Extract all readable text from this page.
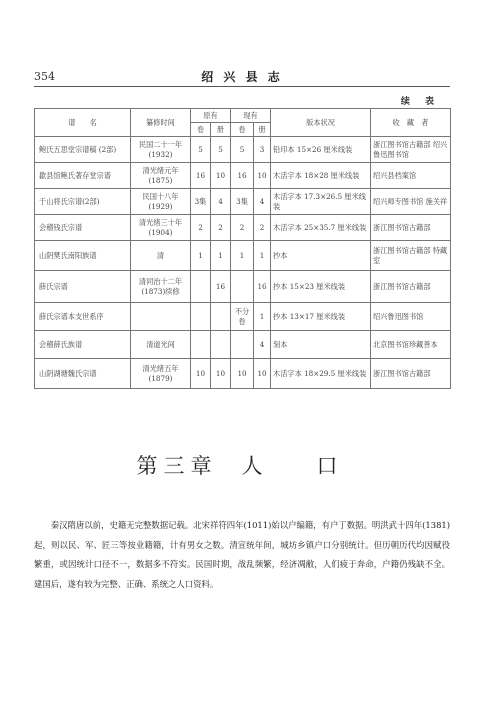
354	绍 兴 县 志
续 表
谱　　名	纂修时间	原有		现有		版本状况	收　藏　者
		卷	册	卷	册		
鲍氏五思堂宗谱稿 (2部)	民国二十一年 (1932)	5	5	5	3	铅印本 15×26 厘米线装	浙江图书馆古籍部 绍兴鲁迅图书馆
歙县馆鲍氏著存堂宗谱	清光绪元年 (1875)	16	10	16	10	木活字本 18×28 厘米线装	绍兴县档案馆
于山将氏宗谱(2部)	民国十八年 (1929)	3集	4	3集	4	木活字本 17.3×26.5 厘米线装	绍兴师专图书馆 施关祥
会稽钱氏宗谱	清光绪三十年 (1904)	2	2	2	2	木活字本 25×35.7 厘米线装	浙江图书馆古籍部
山阴樊氏南阳族谱	清	1	1	1	1	抄本	浙江图书馆古籍部 特藏室
薛氏宗谱	清同治十二年 (1873)续修		16		16	抄本 15×23 厘米线装	浙江图书馆古籍部
薛氏宗谱本支世系序				不分卷	1	抄本 13×17 厘米线装	绍兴鲁迅图书馆
会稽薛氏族谱	清道光间				4	刻本	北京图书馆珍藏善本
山阴湖塘魏氏宗谱	清光绪五年 (1879)	10	10	10	10	木活字本 18×29.5 厘米线装	浙江图书馆古籍部
第三章 人 口

秦汉隋唐以前，史籍无完整数据记载。北宋祥符四年(1011)始以户编籍，有户丁数据。明洪武十四年(1381)起，则以民、军、匠三等按业籍籍，计有男女之数。清宣统年间，城坊乡镇户口分别统计。但历朝历代均因赋役繁重，或因统计口径不一，数据多不符实。民国时期，战乱频繁，经济凋敝，人们疲于奔命，户籍仍残缺不全。建国后，遂有较为完整、正确、系统之人口资料。
